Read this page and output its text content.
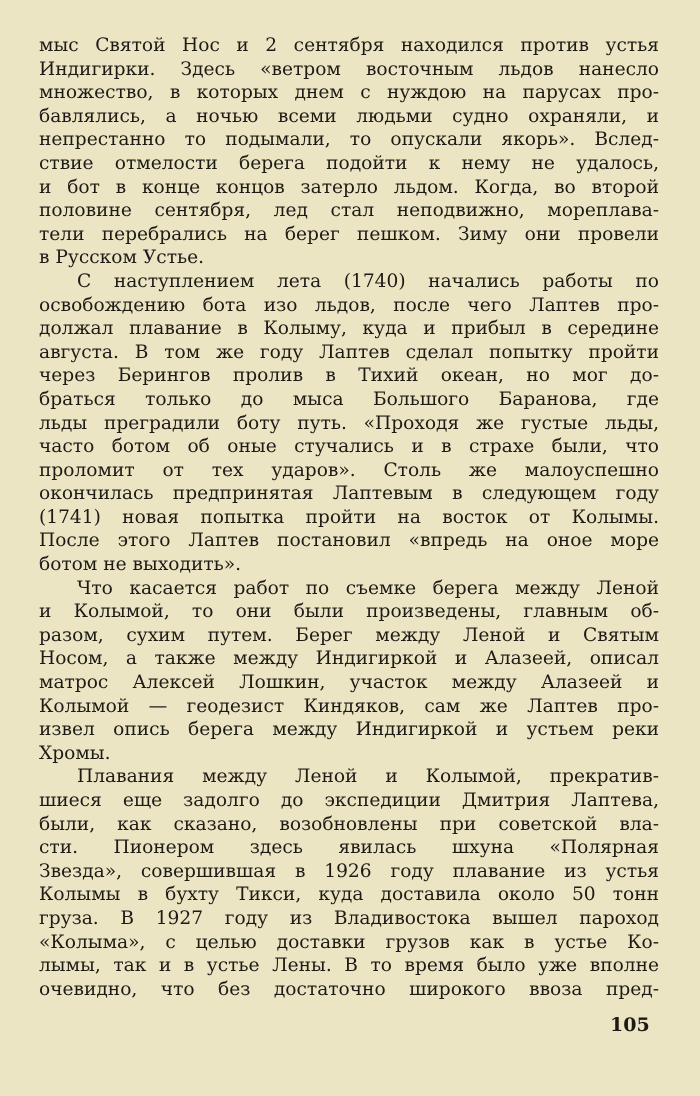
мыс Святой Нос и 2 сентября находился против устья
Индигирки. Здесь «ветром восточным льдов нанесло
множество, в которых днем с нуждою на парусах про-
бавлялись, а ночью всеми людьми судно охраняли, и
непрестанно то подымали, то опускали якорь». Вслед-
ствие отмелости берега подойти к нему не удалось,
и бот в конце концов затерло льдом. Когда, во второй
половине сентября, лед стал неподвижно, мореплава-
тели перебрались на берег пешком. Зиму они провели
в Русском Устье.
С наступлением лета (1740) начались работы по
освобождению бота изо льдов, после чего Лаптев про-
должал плавание в Колыму, куда и прибыл в середине
августа. В том же году Лаптев сделал попытку пройти
через Берингов пролив в Тихий океан, но мог до-
браться только до мыса Большого Баранова, где
льды преградили боту путь. «Проходя же густые льды,
часто ботом об оные стучались и в страхе были, что
проломит от тех ударов». Столь же малоуспешно
окончилась предпринятая Лаптевым в следующем году
(1741) новая попытка пройти на восток от Колымы.
После этого Лаптев постановил «впредь на оное море
ботом не выходить».
Что касается работ по съемке берега между Леной
и Колымой, то они были произведены, главным об-
разом, сухим путем. Берег между Леной и Святым
Носом, а также между Индигиркой и Алазеей, описал
матрос Алексей Лошкин, участок между Алазеей и
Колымой — геодезист Киндяков, сам же Лаптев про-
извел опись берега между Индигиркой и устьем реки
Хромы.
Плавания между Леной и Колымой, прекратив-
шиеся еще задолго до экспедиции Дмитрия Лаптева,
были, как сказано, возобновлены при советской вла-
сти. Пионером здесь явилась шхуна «Полярная
Звезда», совершившая в 1926 году плавание из устья
Колымы в бухту Тикси, куда доставила около 50 тонн
груза. В 1927 году из Владивостока вышел пароход
«Колыма», с целью доставки грузов как в устье Ко-
лымы, так и в устье Лены. В то время было уже вполне
очевидно, что без достаточно широкого ввоза пред-
105
